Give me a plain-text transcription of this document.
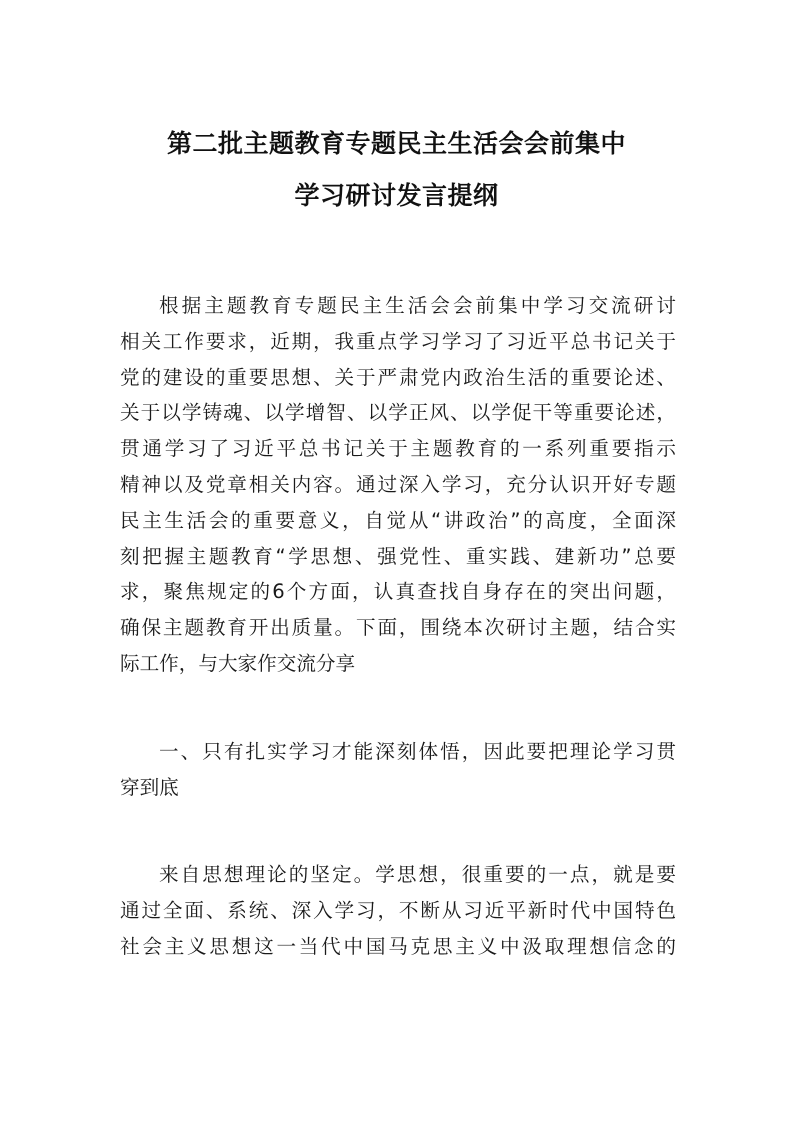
第二批主题教育专题民主生活会会前集中
学习研讨发言提纲
根据主题教育专题民主生活会会前集中学习交流研讨
相关工作要求，近期，我重点学习学习了习近平总书记关于
党的建设的重要思想、关于严肃党内政治生活的重要论述、
关于以学铸魂、以学增智、以学正风、以学促干等重要论述，
贯通学习了习近平总书记关于主题教育的一系列重要指示
精神以及党章相关内容。通过深入学习，充分认识开好专题
民主生活会的重要意义，自觉从“讲政治”的高度，全面深
刻把握主题教育“学思想、强党性、重实践、建新功”总要
求，聚焦规定的6个方面，认真查找自身存在的突出问题，
确保主题教育开出质量。下面，围绕本次研讨主题，结合实
际工作，与大家作交流分享
一、只有扎实学习才能深刻体悟，因此要把理论学习贯
穿到底
来自思想理论的坚定。学思想，很重要的一点，就是要
通过全面、系统、深入学习，不断从习近平新时代中国特色
社会主义思想这一当代中国马克思主义中汲取理想信念的
